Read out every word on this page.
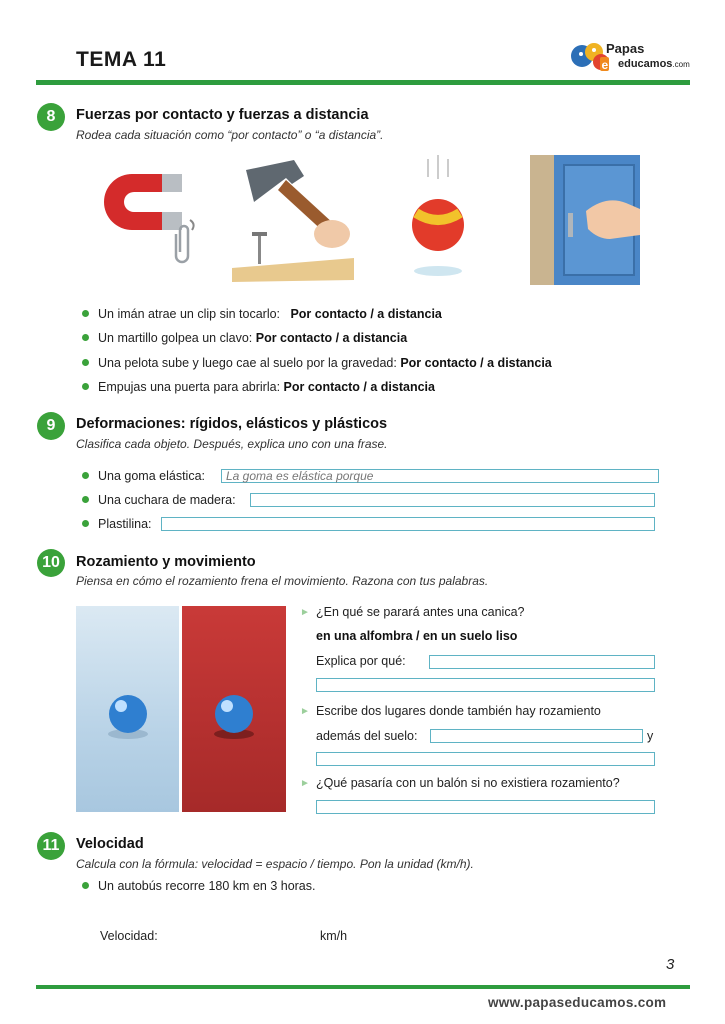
TEMA 11	e
Papas
educamos.com
8	Fuerzas por contacto y fuerzas a distancia
Rodea cada situación como “por contacto” o “a distancia”.
Un imán atrae un clip sin tocarlo: Por contacto / a distancia
Un martillo golpea un clavo: Por contacto / a distancia
Una pelota sube y luego cae al suelo por la gravedad: Por contacto / a distancia
Empujas una puerta para abrirla: Por contacto / a distancia
9	Deformaciones: rígidos, elásticos y plásticos
Clasifica cada objeto. Después, explica uno con una frase.
Una goma elástica:	La goma es elástica porque
Una cuchara de madera:
Plastilina:
10	Rozamiento y movimiento
Piensa en cómo el rozamiento frena el movimiento. Razona con tus palabras.
► ¿En qué se parará antes una canica?
en una alfombra / en un suelo liso
Explica por qué:
► Escribe dos lugares donde también hay rozamiento
además del suelo:	y
► ¿Qué pasaría con un balón si no existiera rozamiento?
11	Velocidad
Calcula con la fórmula: velocidad = espacio / tiempo. Pon la unidad (km/h).
Un autobús recorre 180 km en 3 horas.
Velocidad:	km/h
3
www.papaseducamos.com
